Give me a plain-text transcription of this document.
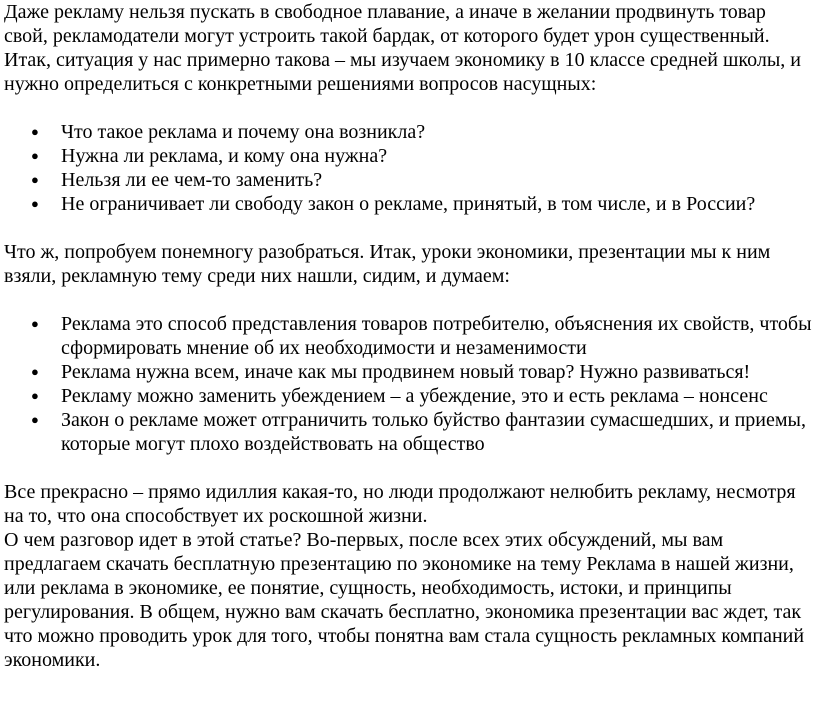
Даже рекламу нельзя пускать в свободное плавание, а иначе в желании продвинуть товар свой, рекламодатели могут устроить такой бардак, от которого будет урон существенный. Итак, ситуация у нас примерно такова – мы изучаем экономику в 10 классе средней школы, и нужно определиться с конкретными решениями вопросов насущных:

● Что такое реклама и почему она возникла?
● Нужна ли реклама, и кому она нужна?
● Нельзя ли ее чем-то заменить?
● Не ограничивает ли свободу закон о рекламе, принятый, в том числе, и в России?

Что ж, попробуем понемногу разобраться. Итак, уроки экономики, презентации мы к ним взяли, рекламную тему среди них нашли, сидим, и думаем:

● Реклама это способ представления товаров потребителю, объяснения их свойств, чтобы сформировать мнение об их необходимости и незаменимости
● Реклама нужна всем, иначе как мы продвинем новый товар? Нужно развиваться!
● Рекламу можно заменить убеждением – а убеждение, это и есть реклама – нонсенс
● Закон о рекламе может отграничить только буйство фантазии сумасшедших, и приемы, которые могут плохо воздействовать на общество

Все прекрасно – прямо идиллия какая-то, но люди продолжают нелюбить рекламу, несмотря на то, что она способствует их роскошной жизни.

О чем разговор идет в этой статье? Во-первых, после всех этих обсуждений, мы вам предлагаем скачать бесплатную презентацию по экономике на тему Реклама в нашей жизни, или реклама в экономике, ее понятие, сущность, необходимость, истоки, и принципы регулирования. В общем, нужно вам скачать бесплатно, экономика презентации вас ждет, так что можно проводить урок для того, чтобы понятна вам стала сущность рекламных компаний экономики.
